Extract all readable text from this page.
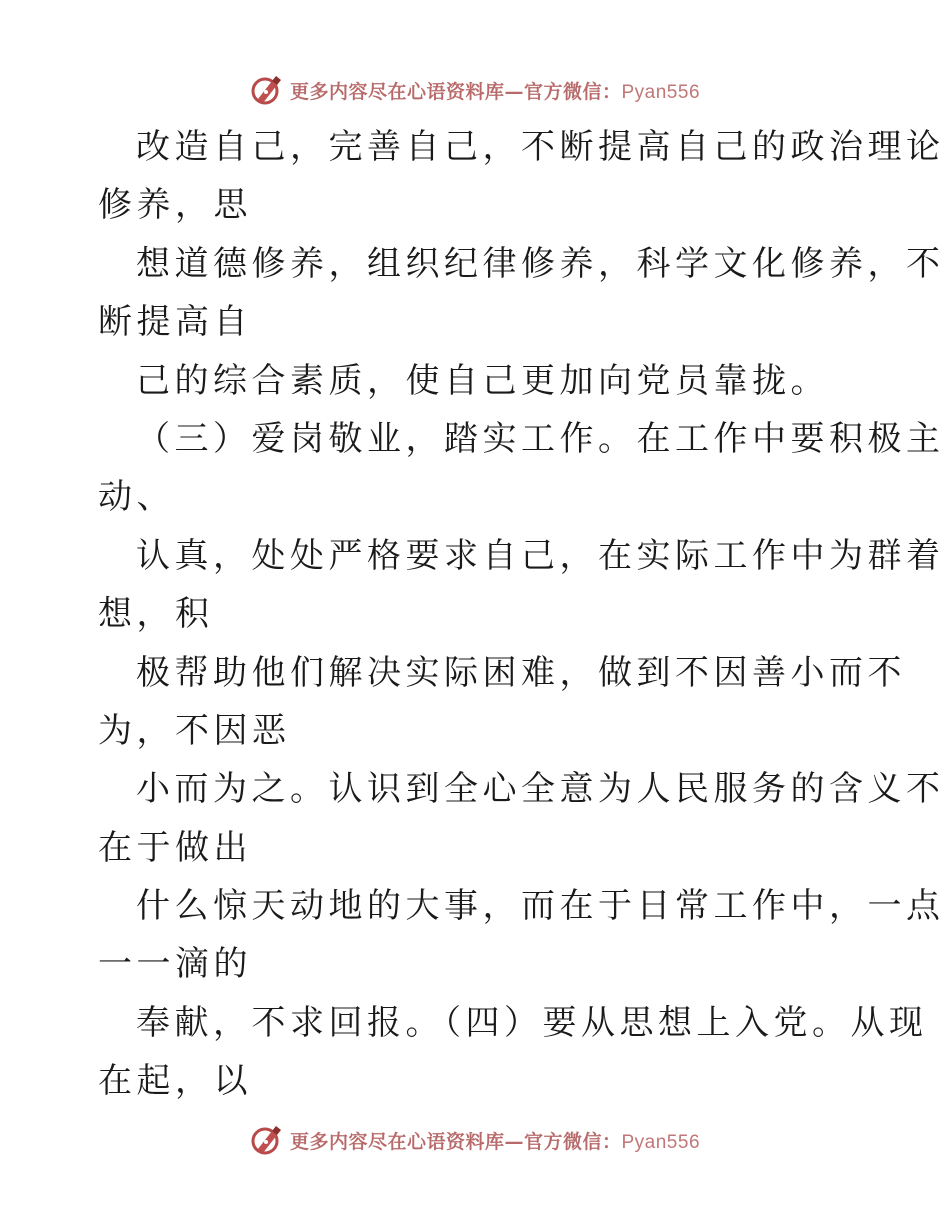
更多内容尽在心语资料库—官方微信：Pyan556
改造自己，完善自己，不断提高自己的政治理论
修养，思
想道德修养，组织纪律修养，科学文化修养，不
断提高自
己的综合素质，使自己更加向党员靠拢。
（三）爱岗敬业，踏实工作。在工作中要积极主
动、
认真，处处严格要求自己，在实际工作中为群着
想，积
极帮助他们解决实际困难，做到不因善小而不
为，不因恶
小而为之。认识到全心全意为人民服务的含义不
在于做出
什么惊天动地的大事，而在于日常工作中，一点
一一滴的
奉献，不求回报。（四）要从思想上入党。从现
在起，以
更多内容尽在心语资料库—官方微信：Pyan556
